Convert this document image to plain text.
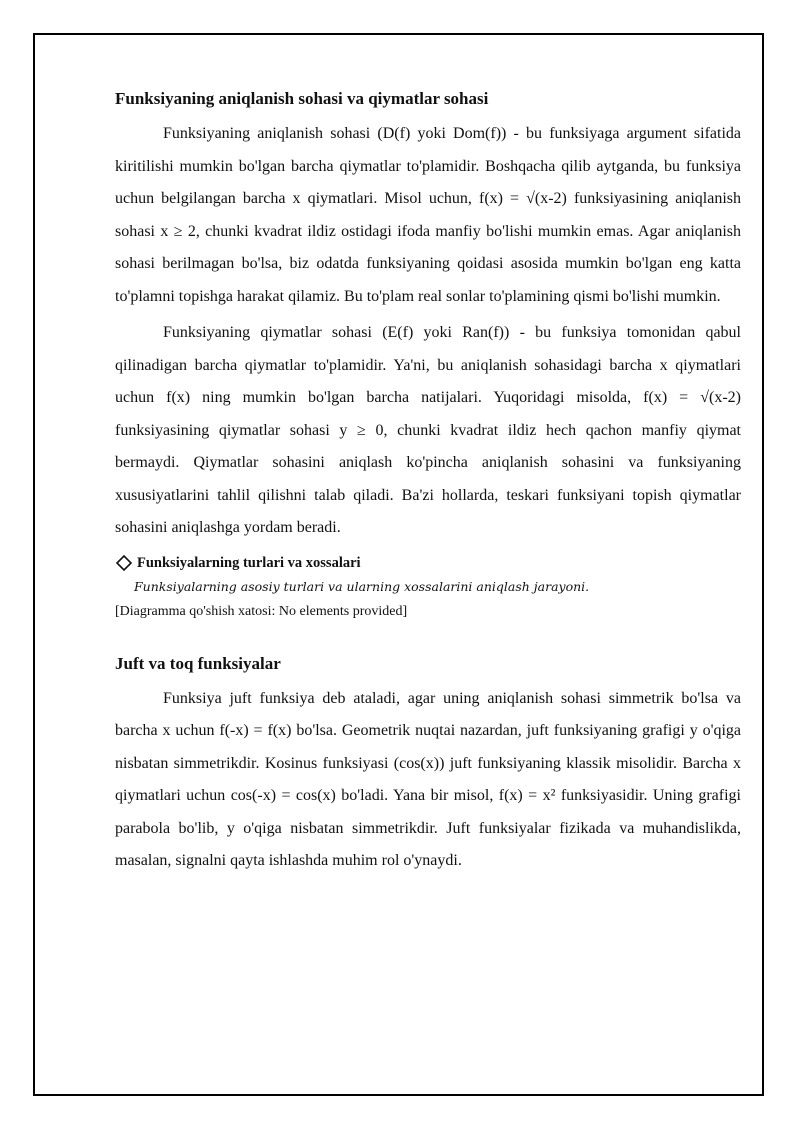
Funksiyaning aniqlanish sohasi va qiymatlar sohasi

Funksiyaning aniqlanish sohasi (D(f) yoki Dom(f)) - bu funksiyaga argument sifatida kiritilishi mumkin bo'lgan barcha qiymatlar to'plamidir. Boshqacha qilib aytganda, bu funksiya uchun belgilangan barcha x qiymatlari. Misol uchun, f(x) = √(x-2) funksiyasining aniqlanish sohasi x ≥ 2, chunki kvadrat ildiz ostidagi ifoda manfiy bo'lishi mumkin emas. Agar aniqlanish sohasi berilmagan bo'lsa, biz odatda funksiyaning qoidasi asosida mumkin bo'lgan eng katta to'plamni topishga harakat qilamiz. Bu to'plam real sonlar to'plamining qismi bo'lishi mumkin.

Funksiyaning qiymatlar sohasi (E(f) yoki Ran(f)) - bu funksiya tomonidan qabul qilinadigan barcha qiymatlar to'plamidir. Ya'ni, bu aniqlanish sohasidagi barcha x qiymatlari uchun f(x) ning mumkin bo'lgan barcha natijalari. Yuqoridagi misolda, f(x) = √(x-2) funksiyasining qiymatlar sohasi y ≥ 0, chunki kvadrat ildiz hech qachon manfiy qiymat bermaydi. Qiymatlar sohasini aniqlash ko'pincha aniqlanish sohasini va funksiyaning xususiyatlarini tahlil qilishni talab qiladi. Ba'zi hollarda, teskari funksiyani topish qiymatlar sohasini aniqlashga yordam beradi.

Funksiyalarning turlari va xossalari
Funksiyalarning asosiy turlari va ularning xossalarini aniqlash jarayoni.
[Diagramma qo'shish xatosi: No elements provided]
Juft va toq funksiyalar

Funksiya juft funksiya deb ataladi, agar uning aniqlanish sohasi simmetrik bo'lsa va barcha x uchun f(-x) = f(x) bo'lsa. Geometrik nuqtai nazardan, juft funksiyaning grafigi y o'qiga nisbatan simmetrikdir. Kosinus funksiyasi (cos(x)) juft funksiyaning klassik misolidir. Barcha x qiymatlari uchun cos(-x) = cos(x) bo'ladi. Yana bir misol, f(x) = x² funksiyasidir. Uning grafigi parabola bo'lib, y o'qiga nisbatan simmetrikdir. Juft funksiyalar fizikada va muhandislikda, masalan, signalni qayta ishlashda muhim rol o'ynaydi.
